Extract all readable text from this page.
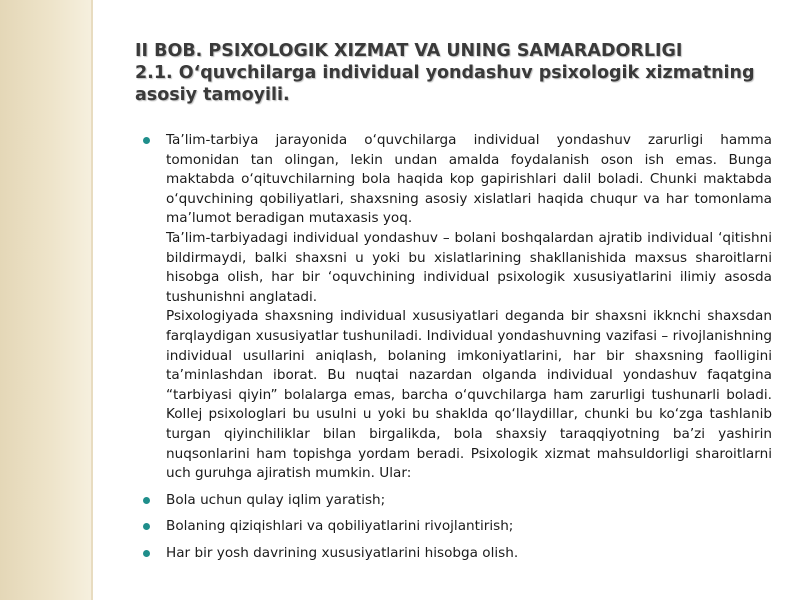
II BOB. PSIXOLOGIK XIZMAT VA UNING SAMARADORLIGI
2.1. O‘quvchilarga individual yondashuv psixologik xizmatning
asosiy tamoyili.

Ta’lim-tarbiya jarayonida o‘quvchilarga individual yondashuv zarurligi hamma tomonidan tan olingan, lekin undan amalda foydalanish oson ish emas. Bunga maktabda o‘qituvchilarning bola haqida kop gapirishlari dalil boladi. Chunki maktabda o‘quvchining qobiliyatlari, shaxsning asosiy xislatlari haqida chuqur va har tomonlama ma’lumot beradigan mutaxasis yoq.

Ta’lim-tarbiyadagi individual yondashuv – bolani boshqalardan ajratib individual ‘qitishni bildirmaydi, balki shaxsni u yoki bu xislatlarining shakllanishida maxsus sharoitlarni hisobga olish, har bir ‘oquvchining individual psixologik xususiyatlarini ilimiy asosda tushunishni anglatadi.

Psixologiyada shaxsning individual xususiyatlari deganda bir shaxsni ikknchi shaxsdan farqlaydigan xususiyatlar tushuniladi. Individual yondashuvning vazifasi – rivojlanishning individual usullarini aniqlash, bolaning imkoniyatlarini, har bir shaxsning faolligini ta’minlashdan iborat. Bu nuqtai nazardan olganda individual yondashuv faqatgina “tarbiyasi qiyin” bolalarga emas, barcha o‘quvchilarga ham zarurligi tushunarli boladi. Kollej psixologlari bu usulni u yoki bu shaklda qo‘llaydillar, chunki bu ko‘zga tashlanib turgan qiyinchiliklar bilan birgalikda, bola shaxsiy taraqqiyotning ba’zi yashirin nuqsonlarini ham topishga yordam beradi. Psixologik xizmat mahsuldorligi sharoitlarni uch guruhga ajiratish mumkin. Ular:

Bola uchun qulay iqlim yaratish;
Bolaning qiziqishlari va qobiliyatlarini rivojlantirish;
Har bir yosh davrining xususiyatlarini hisobga olish.
